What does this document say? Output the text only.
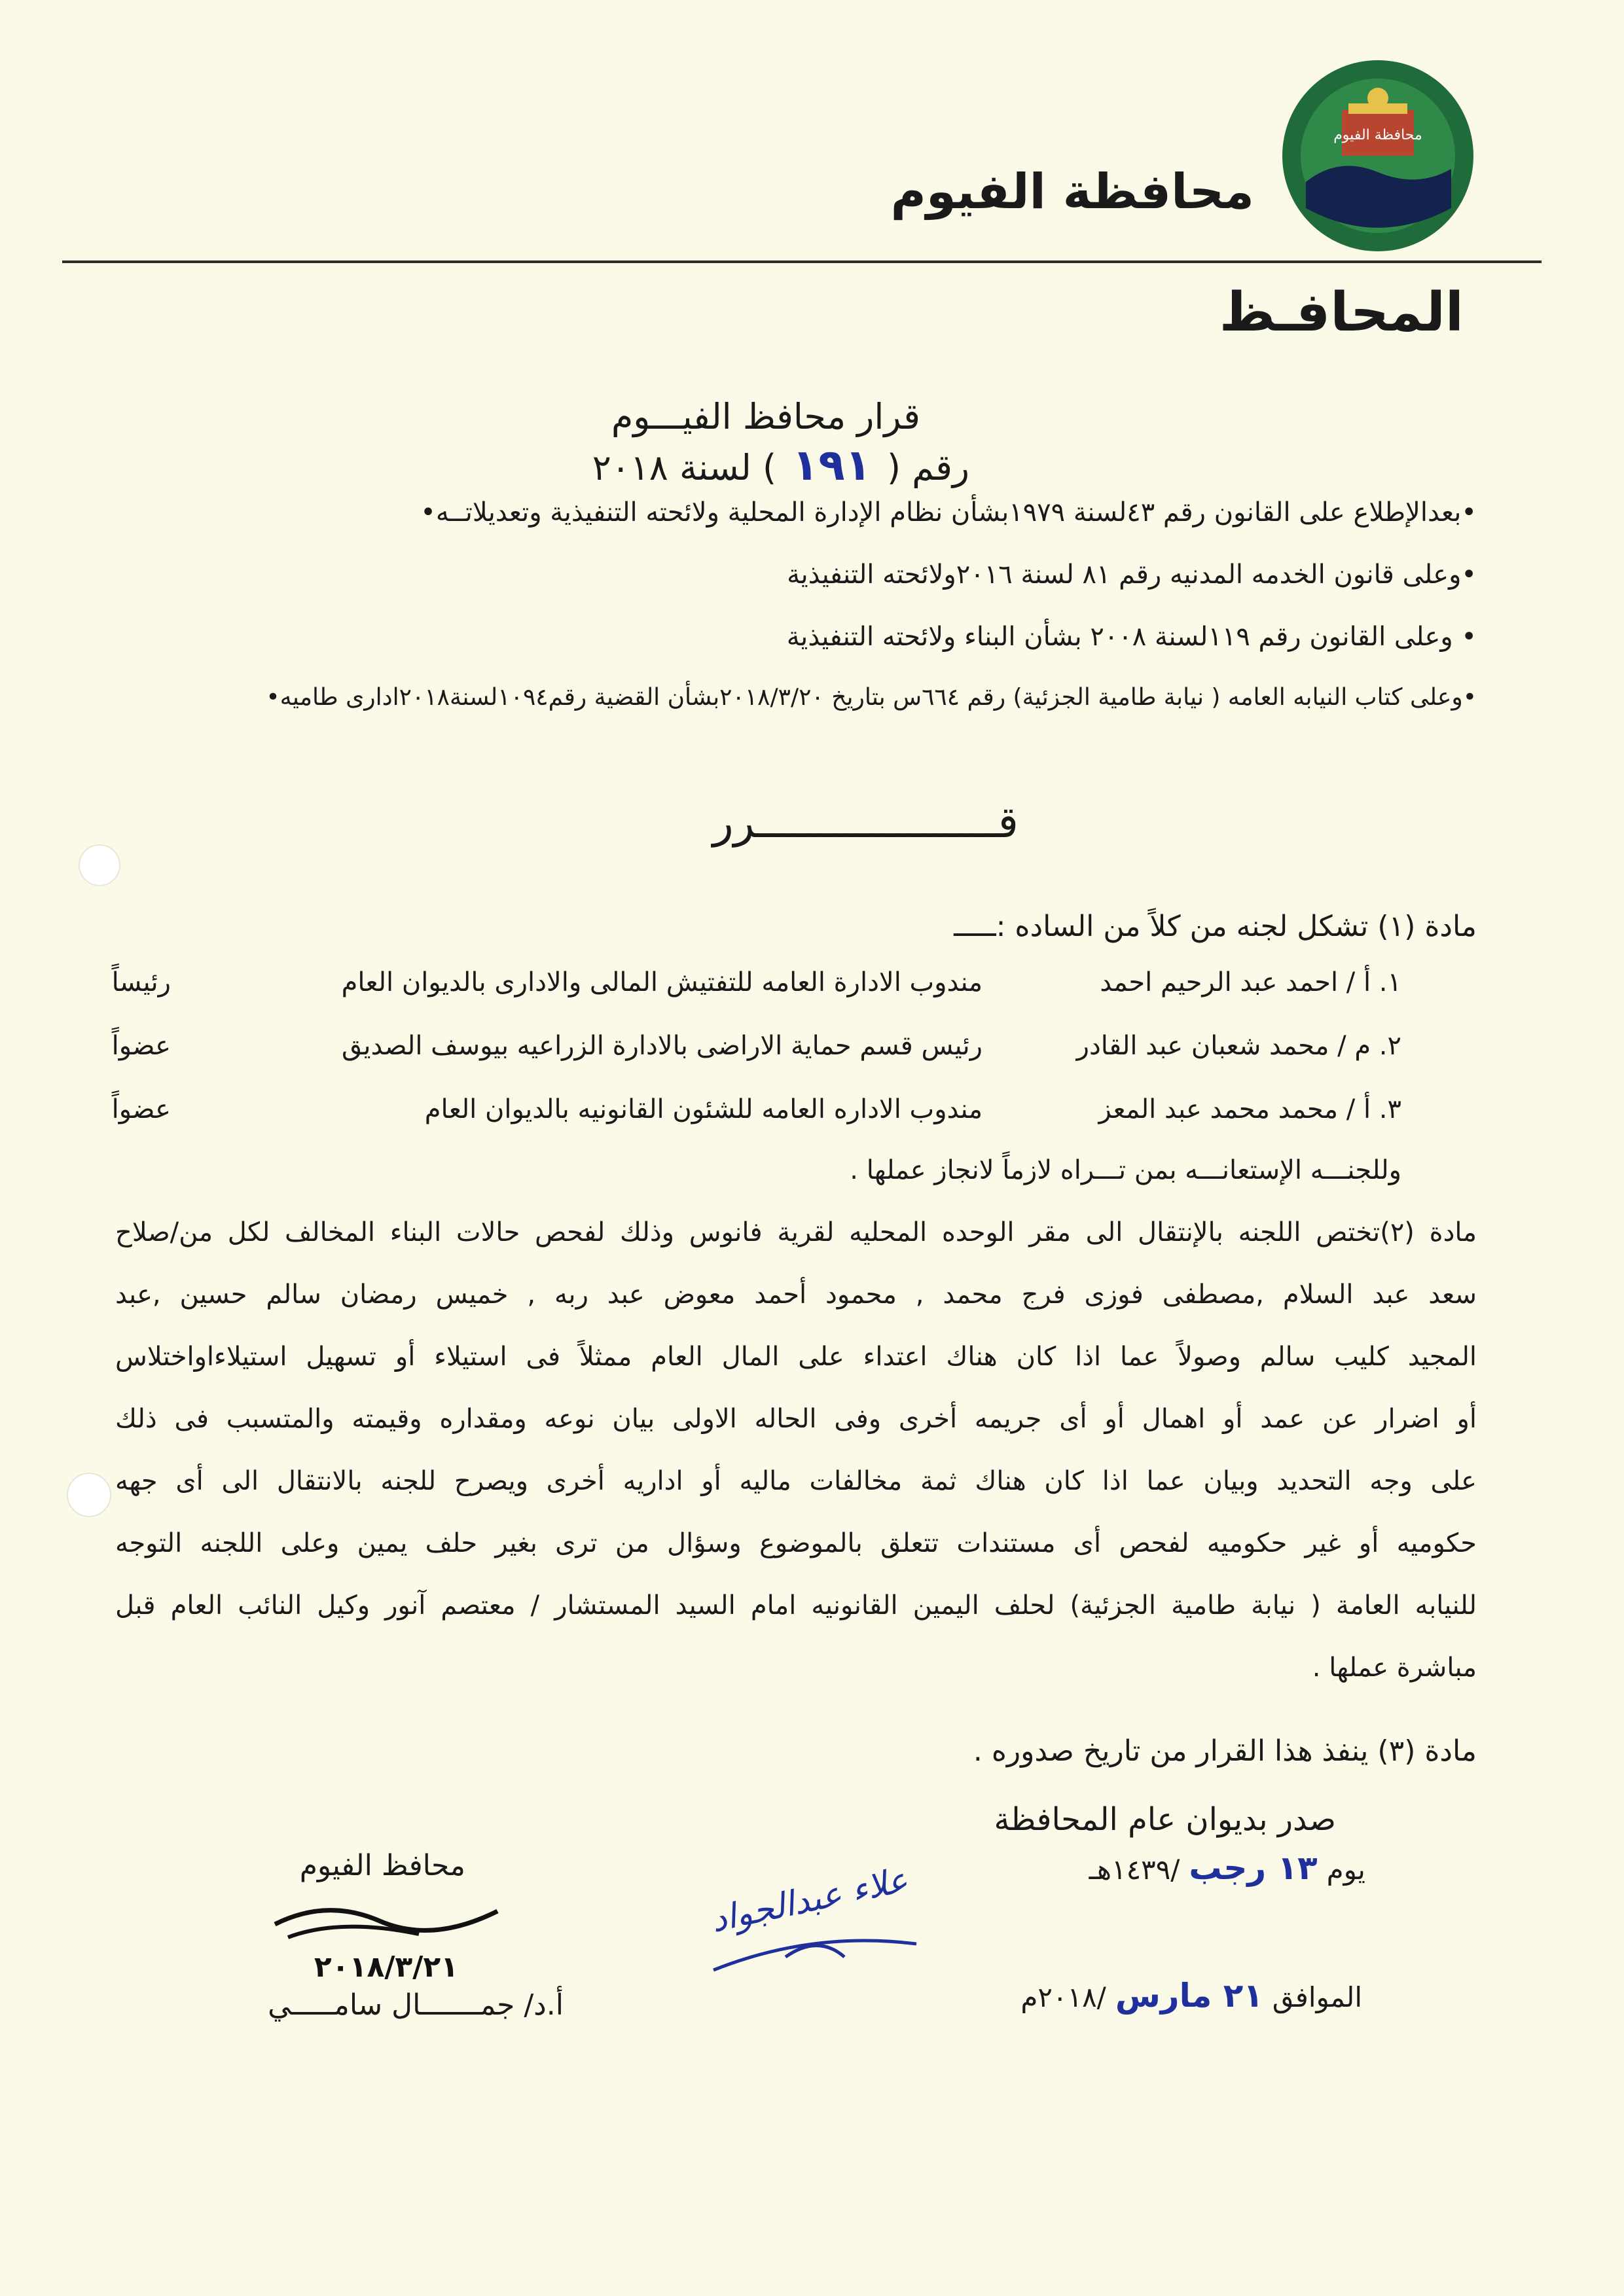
محافظة الفيوم
محافظة الفيوم
المحافـظ
قرار محافظ الفيـــوم
رقم (١٩١) لسنة ٢٠١٨
•بعدالإطلاع على القانون رقم ٤٣لسنة ١٩٧٩بشأن نظام الإدارة المحلية ولائحته التنفيذية وتعديلاتــه•
•وعلى قانون الخدمه المدنيه رقم ٨١ لسنة ٢٠١٦ولائحته التنفيذية
• وعلى القانون رقم ١١٩لسنة ٢٠٠٨ بشأن البناء ولائحته التنفيذية
•وعلى كتاب النيابه العامه ( نيابة طامية الجزئية) رقم ٦٦٤س بتاريخ ٢٠١٨/٣/٢٠بشأن القضية رقم١٠٩٤لسنة٢٠١٨ادارى طاميه•
قـــــــــــــــــــرر
مادة (١) تشكل لجنه من كلاً من الساده :ـــــ
١. أ / احمد عبد الرحيم احمد
مندوب الادارة العامه للتفتيش المالى والادارى بالديوان العام
رئيساً
٢. م / محمد شعبان عبد القادر
رئيس قسم حماية الاراضى بالادارة الزراعيه بيوسف الصديق
عضواً
٣. أ / محمد محمد عبد المعز
مندوب الاداره العامه للشئون القانونيه بالديوان العام
عضواً
وللجنـــه الإستعانـــه بمن تـــراه لازماً لانجاز عملها .
مادة (٢)تختص اللجنه بالإنتقال الى مقر الوحده المحليه لقرية فانوس وذلك لفحص حالات البناء المخالف لكل من/صلاح
سعد عبد السلام ,مصطفى فوزى فرج محمد , محمود أحمد معوض عبد ربه , خميس رمضان سالم حسين ,عبد
المجيد كليب سالم وصولاً عما اذا كان هناك اعتداء على المال العام ممثلاً فى استيلاء أو تسهيل استيلاءاواختلاس
أو اضرار عن عمد أو اهمال أو أى جريمه أخرى وفى الحاله الاولى بيان نوعه ومقداره وقيمته والمتسبب فى ذلك
على وجه التحديد وبيان عما اذا كان هناك ثمة مخالفات ماليه أو اداريه أخرى ويصرح للجنه بالانتقال الى أى جهه
حكوميه أو غير حكوميه لفحص أى مستندات تتعلق بالموضوع وسؤال من ترى بغير حلف يمين وعلى اللجنه التوجه
للنيابه العامة ( نيابة طامية الجزئية) لحلف اليمين القانونيه امام السيد المستشار / معتصم آنور وكيل النائب العام قبل
مباشرة عملها .
مادة (٣) ينفذ هذا القرار من تاريخ صدوره .
صدر بديوان عام المحافظة
يوم١٣ رجب/١٤٣٩هـ
الموافق٢١ مارس/٢٠١٨م
محافظ الفيوم
٢٠١٨/٣/٢١
علاء عبدالجواد
أ.د/ جمـــــــال سامـــــي
